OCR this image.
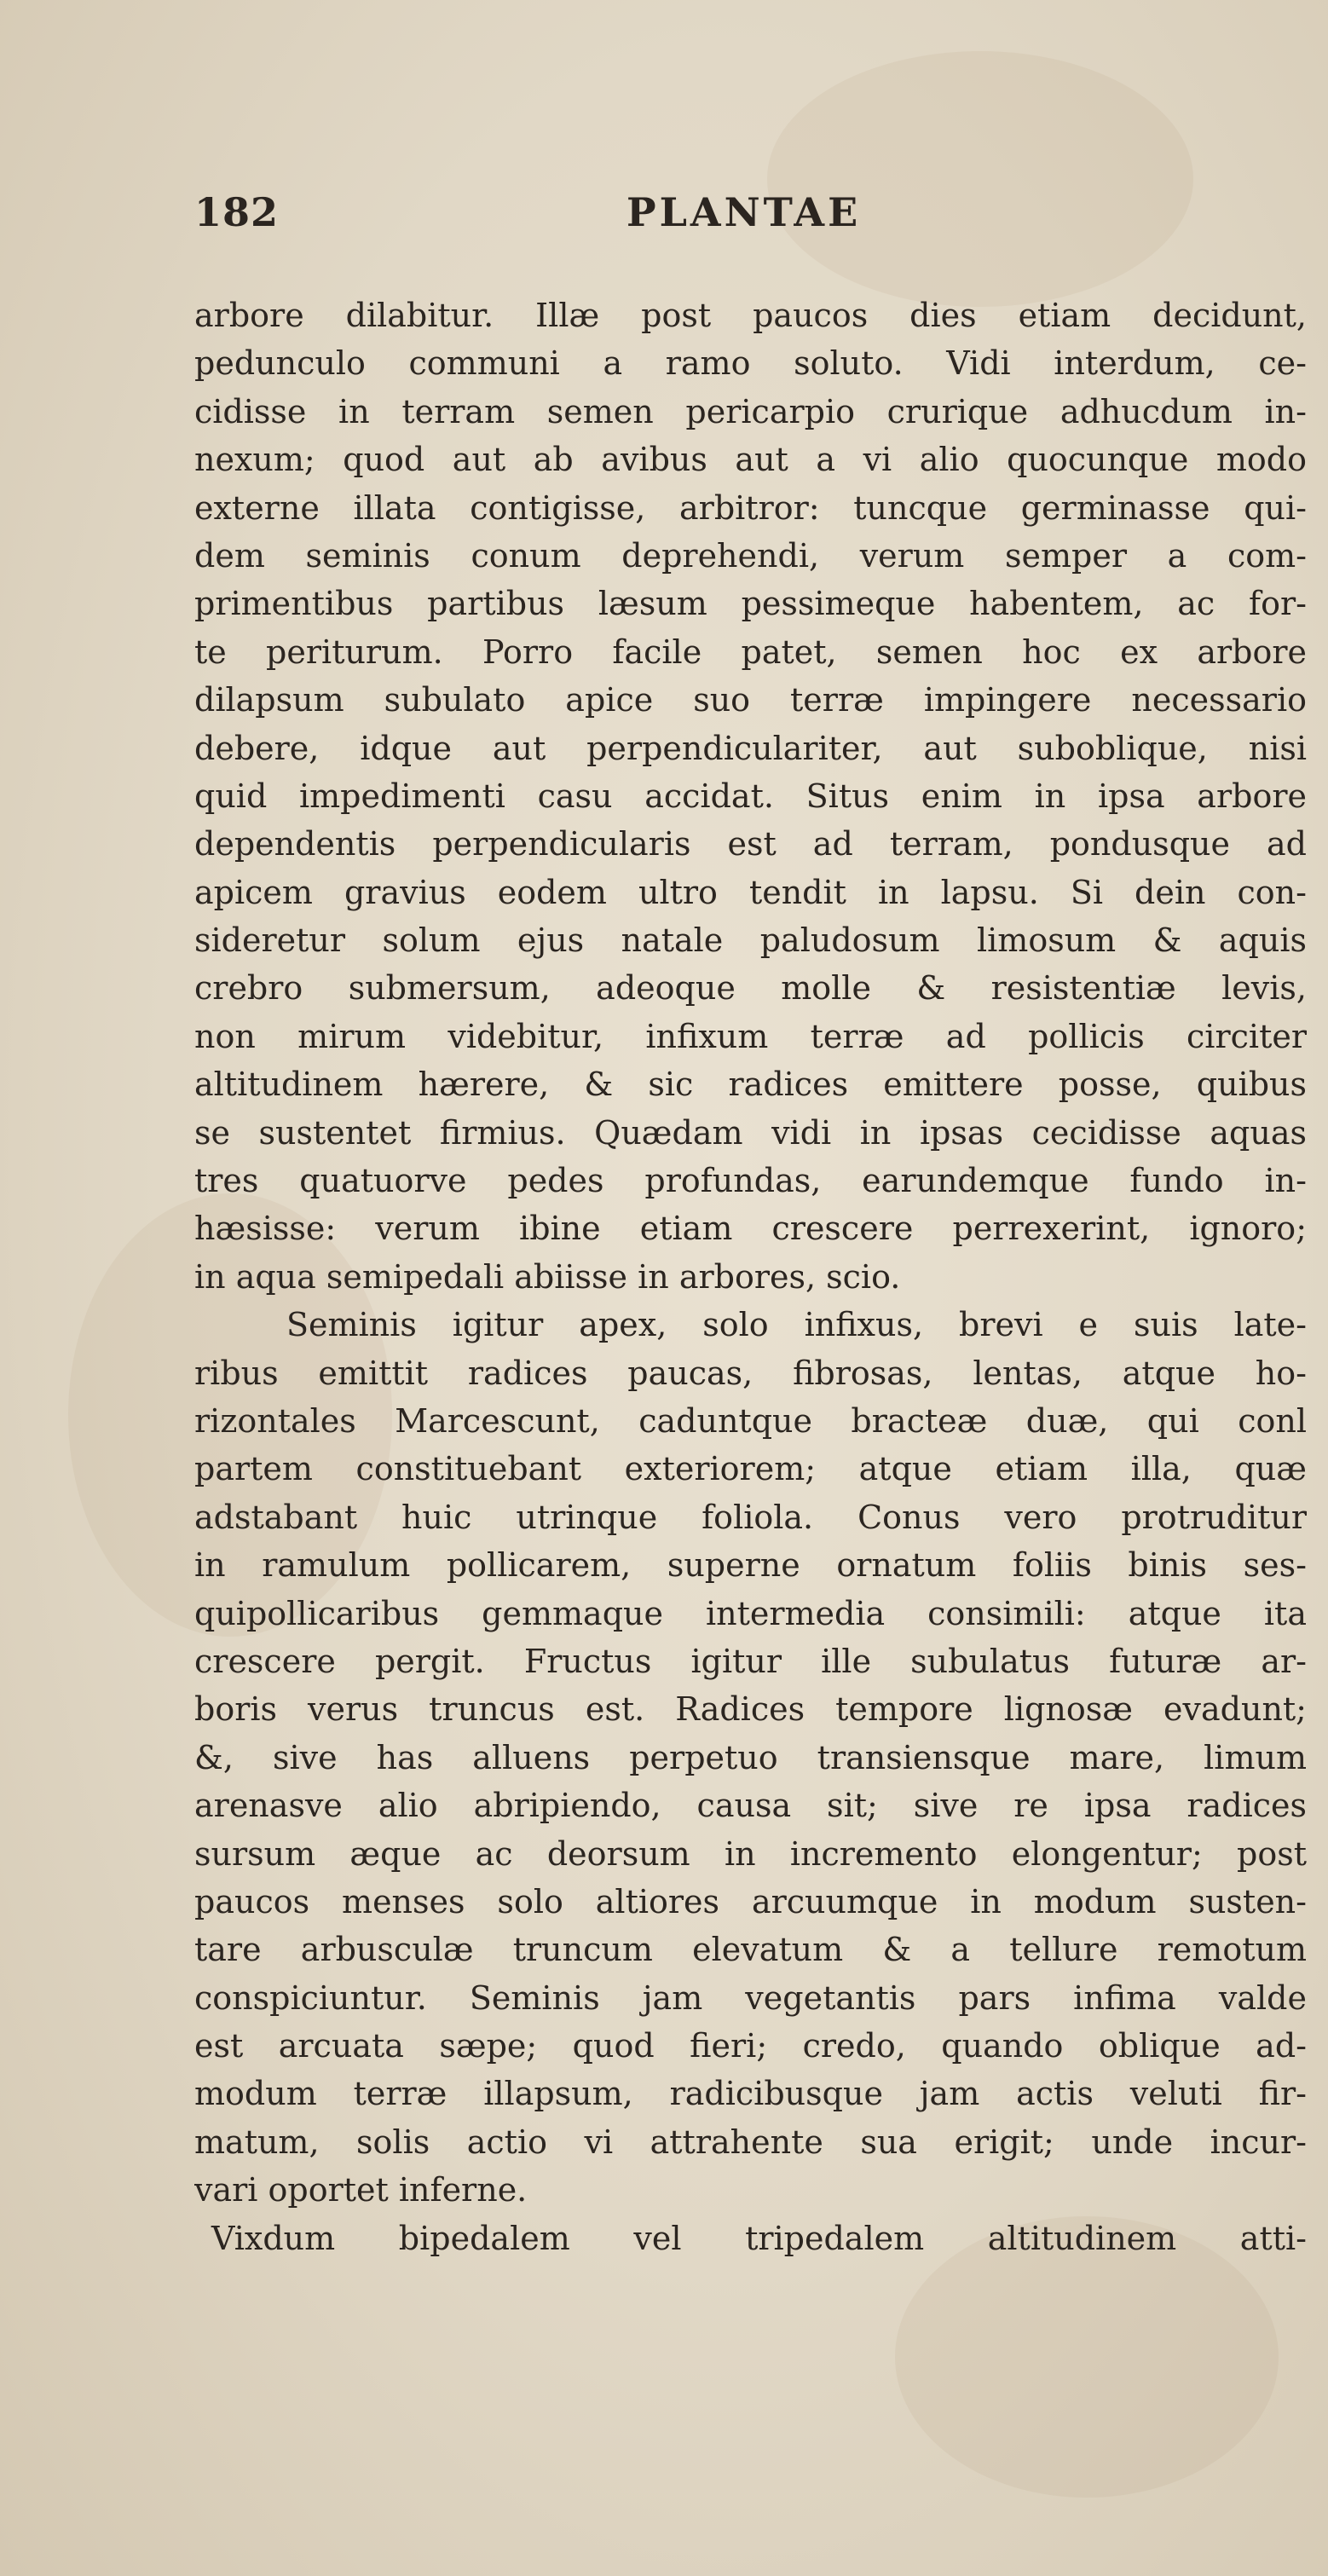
182	PLANTAE
arbore dilabitur. Illæ post paucos dies etiam decidunt,
pedunculo communi a ramo soluto. Vidi interdum, ce-
cidisse in terram semen pericarpio crurique adhucdum in-
nexum; quod aut ab avibus aut a vi alio quocunque modo
externe illata contigisse, arbitror: tuncque germinasse qui-
dem seminis conum deprehendi, verum semper a com-
primentibus partibus læsum pessimeque habentem, ac for-
te periturum. Porro facile patet, semen hoc ex arbore
dilapsum subulato apice suo terræ impingere necessario
debere, idque aut perpendiculariter, aut suboblique, nisi
quid impedimenti casu accidat. Situs enim in ipsa arbore
dependentis perpendicularis est ad terram, pondusque ad
apicem gravius eodem ultro tendit in lapsu. Si dein con-
sideretur solum ejus natale paludosum limosum & aquis
crebro submersum, adeoque molle & resistentiæ levis,
non mirum videbitur, infixum terræ ad pollicis circiter
altitudinem hærere, & sic radices emittere posse, quibus
se sustentet firmius. Quædam vidi in ipsas cecidisse aquas
tres quatuorve pedes profundas, earundemque fundo in-
hæsisse: verum ibine etiam crescere perrexerint, ignoro;
in aqua semipedali abiisse in arbores, scio.
Seminis igitur apex, solo infixus, brevi e suis late-
ribus emittit radices paucas, fibrosas, lentas, atque ho-
rizontales Marcescunt, caduntque bracteæ duæ, qui conl
partem constituebant exteriorem; atque etiam illa, quæ
adstabant huic utrinque foliola. Conus vero protruditur
in ramulum pollicarem, superne ornatum foliis binis ses-
quipollicaribus gemmaque intermedia consimili: atque ita
crescere pergit. Fructus igitur ille subulatus futuræ ar-
boris verus truncus est. Radices tempore lignosæ evadunt;
&, sive has alluens perpetuo transiensque mare, limum
arenasve alio abripiendo, causa sit; sive re ipsa radices
sursum æque ac deorsum in incremento elongentur; post
paucos menses solo altiores arcuumque in modum susten-
tare arbusculæ truncum elevatum & a tellure remotum
conspiciuntur. Seminis jam vegetantis pars infima valde
est arcuata sæpe; quod fieri; credo, quando oblique ad-
modum terræ illapsum, radicibusque jam actis veluti fir-
matum, solis actio vi attrahente sua erigit; unde incur-
vari oportet inferne.
Vixdum bipedalem vel tripedalem altitudinem atti-
